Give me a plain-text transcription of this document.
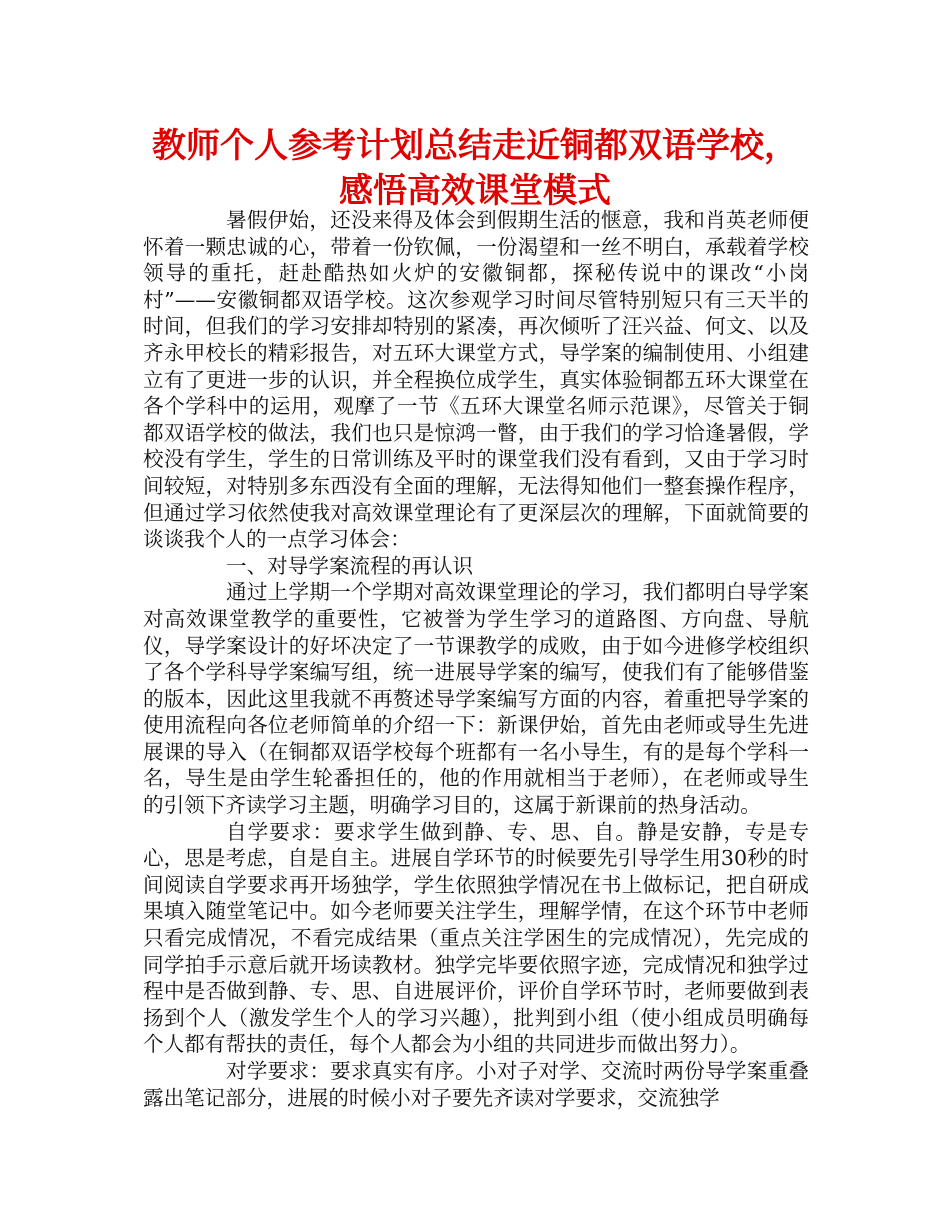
教师个人参考计划总结走近铜都双语学校，感悟高效课堂模式

暑假伊始，还没来得及体会到假期生活的惬意，我和肖英老师便怀着一颗忠诚的心，带着一份钦佩，一份渴望和一丝不明白，承载着学校领导的重托，赶赴酷热如火炉的安徽铜都，探秘传说中的课改“小岗村”——安徽铜都双语学校。这次参观学习时间尽管特别短只有三天半的时间，但我们的学习安排却特别的紧凑，再次倾听了汪兴益、何文、以及齐永甲校长的精彩报告，对五环大课堂方式，导学案的编制使用、小组建立有了更进一步的认识，并全程换位成学生，真实体验铜都五环大课堂在各个学科中的运用，观摩了一节《五环大课堂名师示范课》，尽管关于铜都双语学校的做法，我们也只是惊鸿一瞥，由于我们的学习恰逢暑假，学校没有学生，学生的日常训练及平时的课堂我们没有看到，又由于学习时间较短，对特别多东西没有全面的理解，无法得知他们一整套操作程序，但通过学习依然使我对高效课堂理论有了更深层次的理解，下面就简要的谈谈我个人的一点学习体会：

一、对导学案流程的再认识

通过上学期一个学期对高效课堂理论的学习，我们都明白导学案对高效课堂教学的重要性，它被誉为学生学习的道路图、方向盘、导航仪，导学案设计的好坏决定了一节课教学的成败，由于如今进修学校组织了各个学科导学案编写组，统一进展导学案的编写，使我们有了能够借鉴的版本，因此这里我就不再赘述导学案编写方面的内容，着重把导学案的使用流程向各位老师简单的介绍一下：新课伊始，首先由老师或导生先进展课的导入（在铜都双语学校每个班都有一名小导生，有的是每个学科一名，导生是由学生轮番担任的，他的作用就相当于老师），在老师或导生的引领下齐读学习主题，明确学习目的，这属于新课前的热身活动。

自学要求：要求学生做到静、专、思、自。静是安静，专是专心，思是考虑，自是自主。进展自学环节的时候要先引导学生用30秒的时间阅读自学要求再开场独学，学生依照独学情况在书上做标记，把自研成果填入随堂笔记中。如今老师要关注学生，理解学情，在这个环节中老师只看完成情况，不看完成结果（重点关注学困生的完成情况），先完成的同学拍手示意后就开场读教材。独学完毕要依照字迹，完成情况和独学过程中是否做到静、专、思、自进展评价，评价自学环节时，老师要做到表扬到个人（激发学生个人的学习兴趣），批判到小组（使小组成员明确每个人都有帮扶的责任，每个人都会为小组的共同进步而做出努力）。

对学要求：要求真实有序。小对子对学、交流时两份导学案重叠露出笔记部分，进展的时候小对子要先齐读对学要求，交流独学
